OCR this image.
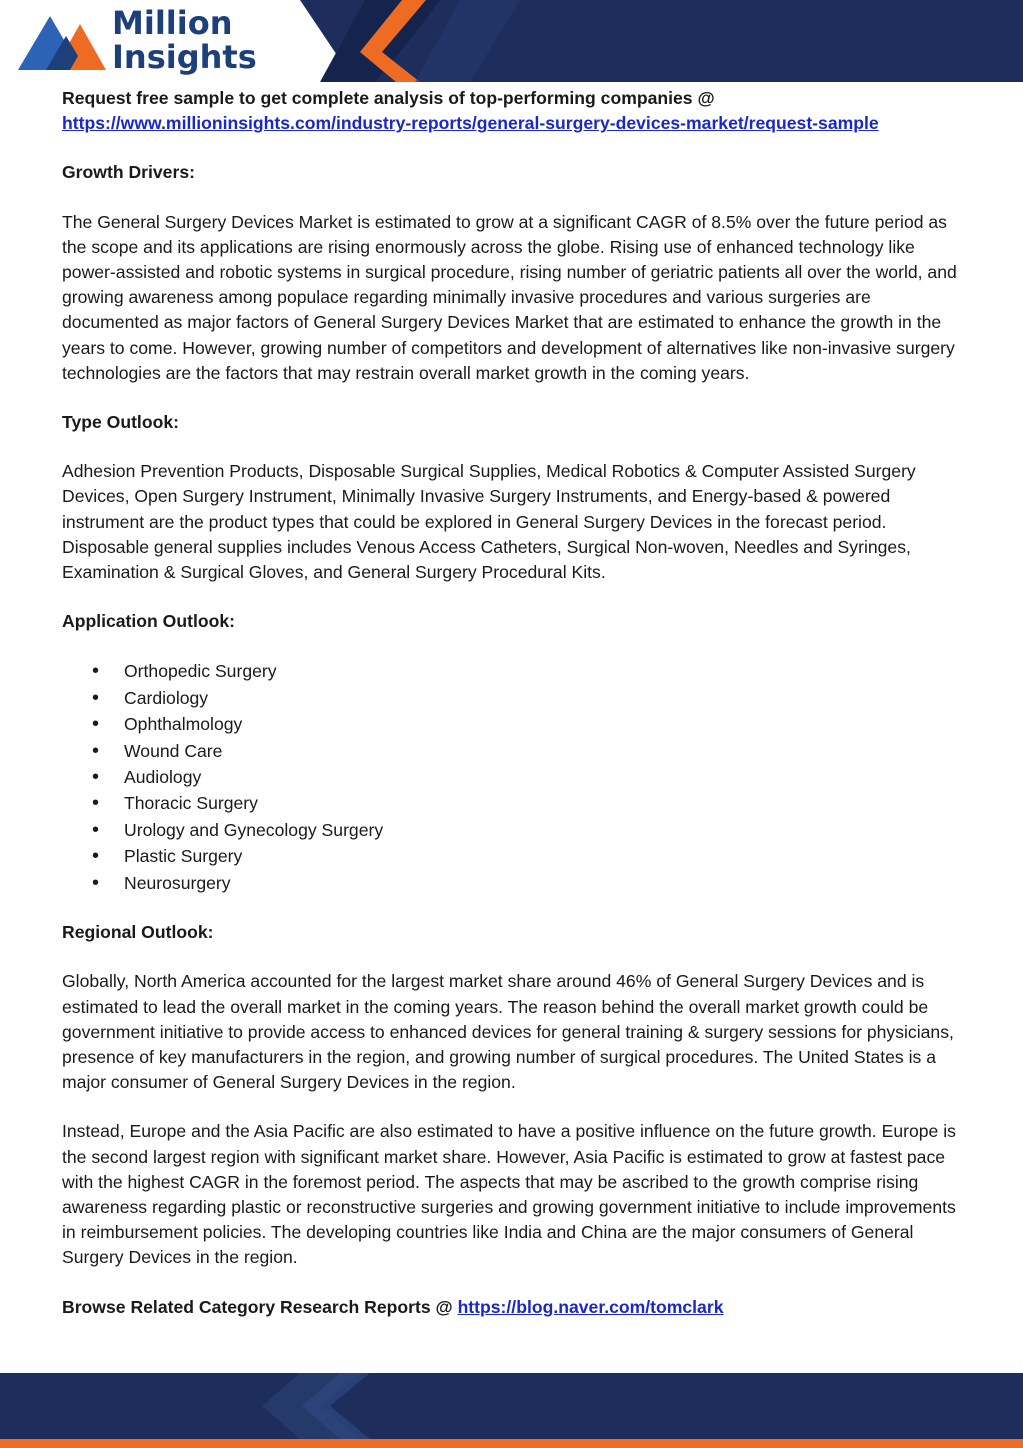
Million
Insights

Request free sample to get complete analysis of top-performing companies @

https://www.millioninsights.com/industry-reports/general-surgery-devices-market/request-sample

Growth Drivers:

The General Surgery Devices Market is estimated to grow at a significant CAGR of 8.5% over the future period as the scope and its applications are rising enormously across the globe. Rising use of enhanced technology like power-assisted and robotic systems in surgical procedure, rising number of geriatric patients all over the world, and growing awareness among populace regarding minimally invasive procedures and various surgeries are documented as major factors of General Surgery Devices Market that are estimated to enhance the growth in the years to come. However, growing number of competitors and development of alternatives like non-invasive surgery technologies are the factors that may restrain overall market growth in the coming years.

Type Outlook:

Adhesion Prevention Products, Disposable Surgical Supplies, Medical Robotics & Computer Assisted Surgery Devices, Open Surgery Instrument, Minimally Invasive Surgery Instruments, and Energy-based & powered instrument are the product types that could be explored in General Surgery Devices in the forecast period. Disposable general supplies includes Venous Access Catheters, Surgical Non-woven, Needles and Syringes, Examination & Surgical Gloves, and General Surgery Procedural Kits.

Application Outlook:

• Orthopedic Surgery
• Cardiology
• Ophthalmology
• Wound Care
• Audiology
• Thoracic Surgery
• Urology and Gynecology Surgery
• Plastic Surgery
• Neurosurgery

Regional Outlook:

Globally, North America accounted for the largest market share around 46% of General Surgery Devices and is estimated to lead the overall market in the coming years. The reason behind the overall market growth could be government initiative to provide access to enhanced devices for general training & surgery sessions for physicians, presence of key manufacturers in the region, and growing number of surgical procedures. The United States is a major consumer of General Surgery Devices in the region.

Instead, Europe and the Asia Pacific are also estimated to have a positive influence on the future growth. Europe is the second largest region with significant market share. However, Asia Pacific is estimated to grow at fastest pace with the highest CAGR in the foremost period. The aspects that may be ascribed to the growth comprise rising awareness regarding plastic or reconstructive surgeries and growing government initiative to include improvements in reimbursement policies. The developing countries like India and China are the major consumers of General Surgery Devices in the region.

Browse Related Category Research Reports @ https://blog.naver.com/tomclark
